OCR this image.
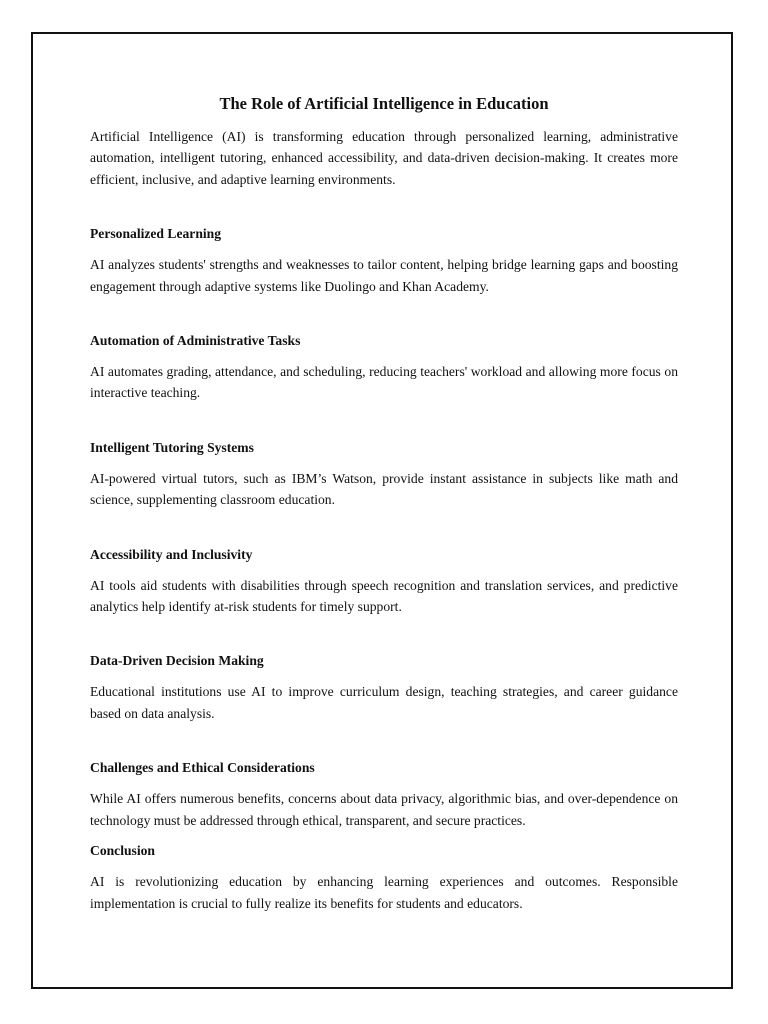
The Role of Artificial Intelligence in Education

Artificial Intelligence (AI) is transforming education through personalized learning, administrative automation, intelligent tutoring, enhanced accessibility, and data-driven decision-making. It creates more efficient, inclusive, and adaptive learning environments.

Personalized Learning

AI analyzes students' strengths and weaknesses to tailor content, helping bridge learning gaps and boosting engagement through adaptive systems like Duolingo and Khan Academy.

Automation of Administrative Tasks

AI automates grading, attendance, and scheduling, reducing teachers' workload and allowing more focus on interactive teaching.

Intelligent Tutoring Systems

AI-powered virtual tutors, such as IBM’s Watson, provide instant assistance in subjects like math and science, supplementing classroom education.

Accessibility and Inclusivity

AI tools aid students with disabilities through speech recognition and translation services, and predictive analytics help identify at-risk students for timely support.

Data-Driven Decision Making

Educational institutions use AI to improve curriculum design, teaching strategies, and career guidance based on data analysis.

Challenges and Ethical Considerations

While AI offers numerous benefits, concerns about data privacy, algorithmic bias, and over-dependence on technology must be addressed through ethical, transparent, and secure practices.

Conclusion

AI is revolutionizing education by enhancing learning experiences and outcomes. Responsible implementation is crucial to fully realize its benefits for students and educators.
